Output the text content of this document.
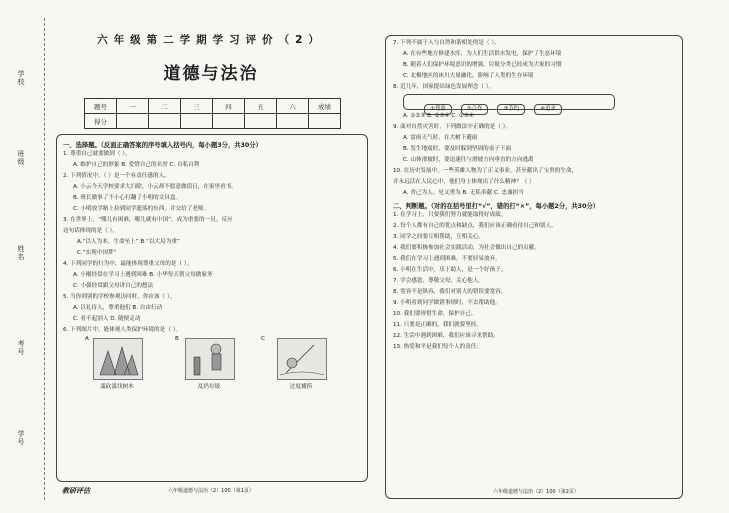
学校
班级
姓名
考号
学号
六年级第二学期学习评价（2）
道德与法治
题号	一	二	三	四	五	六	成绩
得分							
一、选择题。（反面正确答案的序号填入括号内，每小题3分，共30分）
1. 尊重自己就要做到（ ）。
A. 维护自己的形象 B. 爱惜自己的名誉 C. 自私自利
2. 下列情况中，（ ）是一个有责任感的人。
A. 小云今天学校要求大扫除，小云却不愿意做值日，在家里看书。
B. 班长做事了不小心打翻了小明的文具盒。
C. 小明放学路上捡到同学遗落的东西，并交给了老师。
3. 在世界上，“哪儿有困难，哪儿就有中国”，成为重要的一员。反应
这句话体现的是（ ）。
A.“以人为本，生命至上” B.“以大局为重”
C.“实现中国梦”
4. 下列同学的行为中，最能体现尊重父母的是（ ）。
A. 小刚经常在学习上遇到困难 B. 小华每天帮父母做家务
C. 小强经常跟父母讲自己的想法
5. 当你到别的学校参观访问时，你应该（ ）。
A. 以礼待人，尊重他们 B. 自由行动
C. 看不起别人 D. 随便走动
6. 下列图片中，能体现人类保护环境的是（ ）。
A
滥砍滥伐树木
B
乱扔垃圾
C
过度捕捞
教研评估	六年级道德与法治（2）100（第1页）
7. 下列不属于人与自然和谐相处的是（ ）。
A. 在有些地方修建水库，为人们生活供水发电，保护了生态环境
B. 随着人们保护环境意识的增强，垃圾分类已经成为大家的习惯
C. 北极地区的冰川大量融化，影响了人类的生存环境
8. 近几年，国家提出绿色发展理念（ ）。
①尊重	②合作	③节约	④追求
A. ①②③ B. ②③④ C. ①③④
9. 面对自然灾害时，下列做法中正确的是（ ）。
A. 雷雨天气时，在大树下避雨
B. 发生地震时，要及时躲到坚固的桌子下面
C. 山体滑坡时，要迅速往与滑坡方向垂直的方向逃离
10. 在历史发展中，一些英雄人物为了正义事业，甚至献出了宝贵的生命，
并永远活在人民心中，他们身上体现出了什么精神？（ ）
A. 舍己为人、见义勇为 B. 无私奉献 C. 忠诚担当
二、判断题。（对的在括号里打“√”，错的打“×”，每小题2分，共30分）
1. 在学习上，只要我们努力就能取得好成绩。
2. 每个人都有自己的优点和缺点，我们应该正确看待自己和别人。
3. 同学之间要互相帮助，互相关心。
4. 我们要积极参加社会实践活动，为社会做出自己的贡献。
5. 我们在学习上遇到困难，不要轻易放弃。
6. 小明在生活中，乐于助人，是一个好孩子。
7. 学会感恩，尊敬父母，关心他人。
8. 宽容不是纵容，我们对别人的错误要宽容。
9. 小明看到同学做错事情时，不去帮助他。
10. 我们要珍惜生命，保护自己。
11. 只要是正确的，我们就要坚持。
12. 生活中遇到困难，我们应该寻求帮助。
13. 热爱和平是我们每个人的责任。
六年级道德与法治（2）100（第2页）
